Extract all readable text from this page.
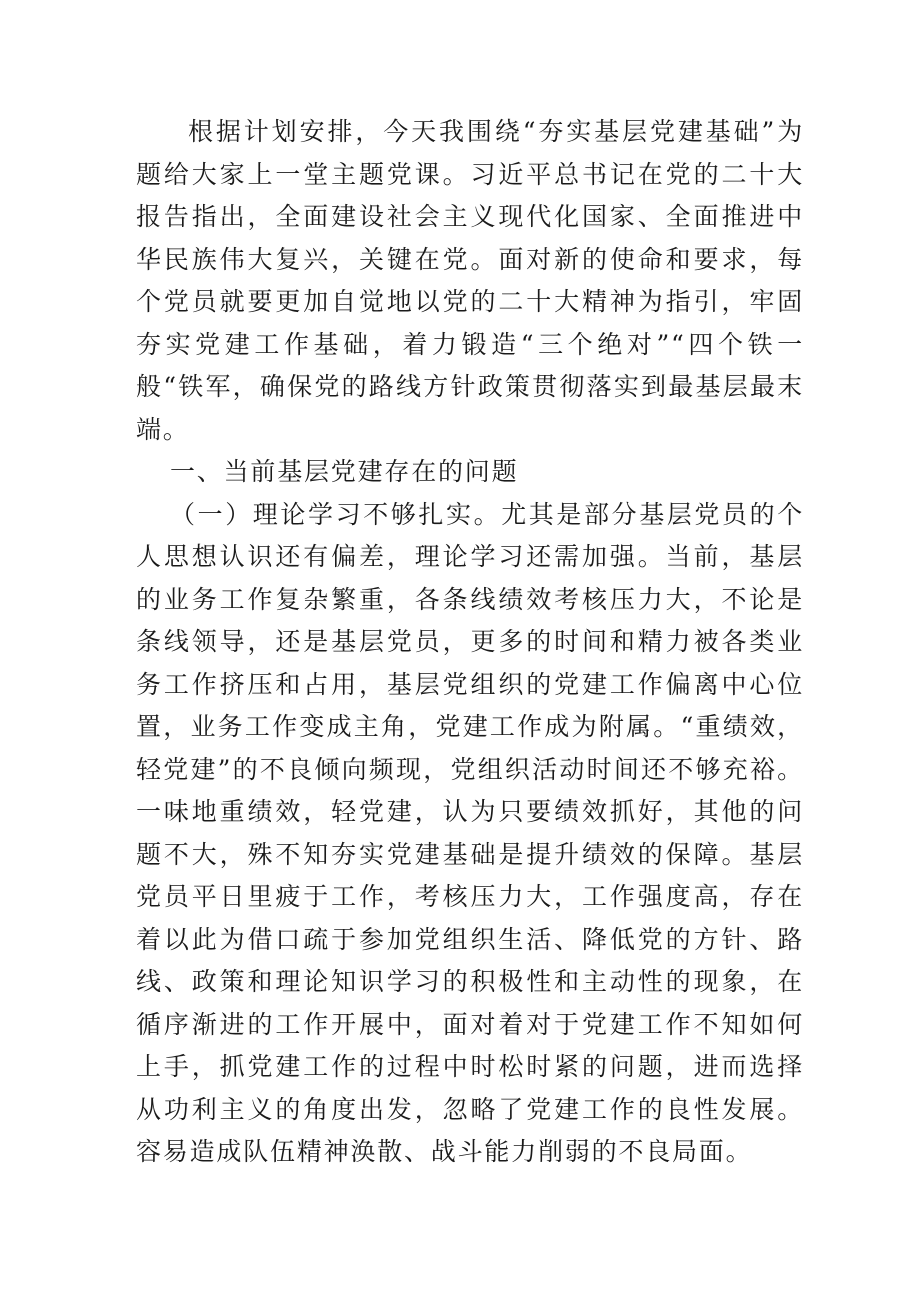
根据计划安排，今天我围绕“夯实基层党建基础”为题给大家上一堂主题党课。习近平总书记在党的二十大报告指出，全面建设社会主义现代化国家、全面推进中华民族伟大复兴，关键在党。面对新的使命和要求，每个党员就要更加自觉地以党的二十大精神为指引，牢固夯实党建工作基础，着力锻造“三个绝对”“四个铁一般“铁军，确保党的路线方针政策贯彻落实到最基层最末端。

一、当前基层党建存在的问题

（一）理论学习不够扎实。尤其是部分基层党员的个人思想认识还有偏差，理论学习还需加强。当前，基层的业务工作复杂繁重，各条线绩效考核压力大，不论是条线领导，还是基层党员，更多的时间和精力被各类业务工作挤压和占用，基层党组织的党建工作偏离中心位置，业务工作变成主角，党建工作成为附属。“重绩效，轻党建”的不良倾向频现，党组织活动时间还不够充裕。一味地重绩效，轻党建，认为只要绩效抓好，其他的问题不大，殊不知夯实党建基础是提升绩效的保障。基层党员平日里疲于工作，考核压力大，工作强度高，存在着以此为借口疏于参加党组织生活、降低党的方针、路线、政策和理论知识学习的积极性和主动性的现象，在循序渐进的工作开展中，面对着对于党建工作不知如何上手，抓党建工作的过程中时松时紧的问题，进而选择从功利主义的角度出发，忽略了党建工作的良性发展。容易造成队伍精神涣散、战斗能力削弱的不良局面。
